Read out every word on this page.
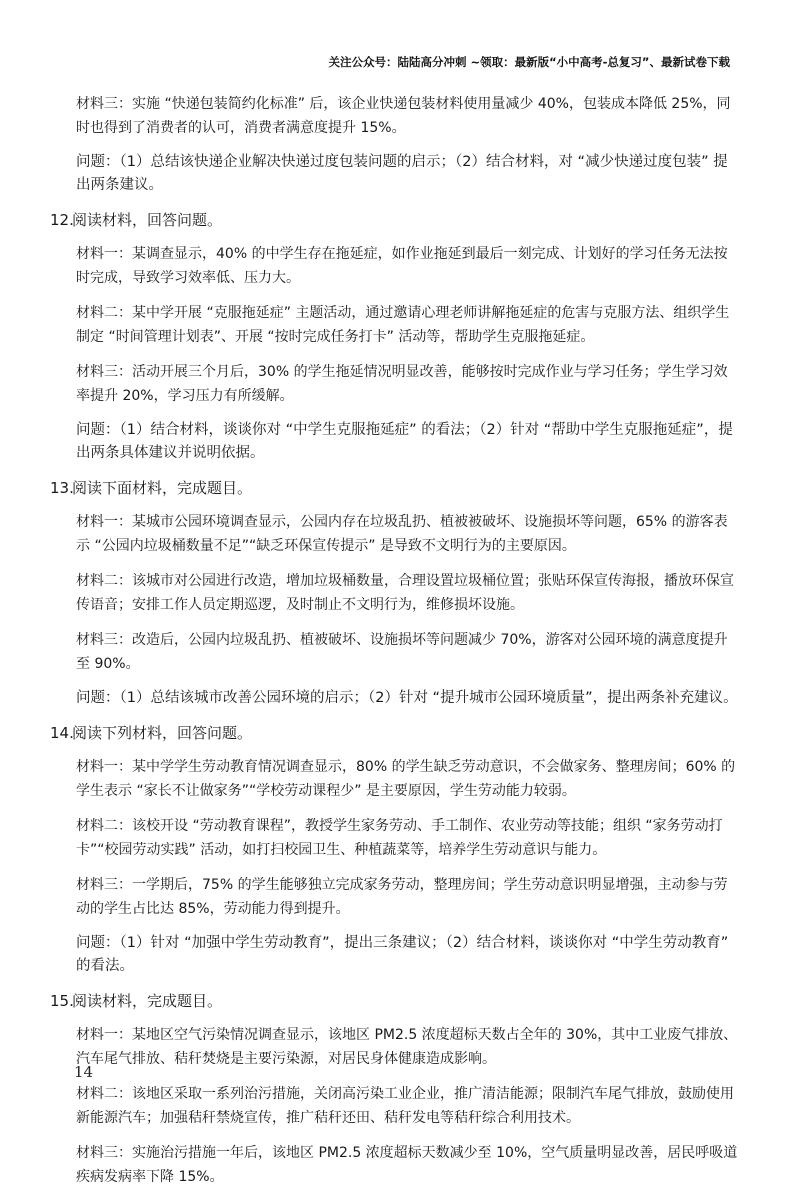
关注公众号：陆陆高分冲刺 ~领取：最新版“小中高考-总复习”、最新试卷下载

材料三：实施 “快递包装简约化标准” 后，该企业快递包装材料使用量减少 40%，包装成本降低 25%，同时也得到了消费者的认可，消费者满意度提升 15%。

问题：（1）总结该快递企业解决快递过度包装问题的启示；（2）结合材料，对 “减少快递过度包装” 提出两条建议。

12.
阅读材料，回答问题。

材料一：某调查显示，40% 的中学生存在拖延症，如作业拖延到最后一刻完成、计划好的学习任务无法按时完成，导致学习效率低、压力大。

材料二：某中学开展 “克服拖延症” 主题活动，通过邀请心理老师讲解拖延症的危害与克服方法、组织学生制定 “时间管理计划表”、开展 “按时完成任务打卡” 活动等，帮助学生克服拖延症。

材料三：活动开展三个月后，30% 的学生拖延情况明显改善，能够按时完成作业与学习任务；学生学习效率提升 20%，学习压力有所缓解。

问题：（1）结合材料，谈谈你对 “中学生克服拖延症” 的看法；（2）针对 “帮助中学生克服拖延症”，提出两条具体建议并说明依据。

13.
阅读下面材料，完成题目。

材料一：某城市公园环境调查显示，公园内存在垃圾乱扔、植被被破坏、设施损坏等问题，65% 的游客表示 “公园内垃圾桶数量不足”“缺乏环保宣传提示” 是导致不文明行为的主要原因。

材料二：该城市对公园进行改造，增加垃圾桶数量，合理设置垃圾桶位置；张贴环保宣传海报，播放环保宣传语音；安排工作人员定期巡逻，及时制止不文明行为，维修损坏设施。

材料三：改造后，公园内垃圾乱扔、植被破坏、设施损坏等问题减少 70%，游客对公园环境的满意度提升至 90%。

问题：（1）总结该城市改善公园环境的启示；（2）针对 “提升城市公园环境质量”，提出两条补充建议。

14.
阅读下列材料，回答问题。

材料一：某中学学生劳动教育情况调查显示，80% 的学生缺乏劳动意识，不会做家务、整理房间；60% 的学生表示 “家长不让做家务”“学校劳动课程少” 是主要原因，学生劳动能力较弱。

材料二：该校开设 “劳动教育课程”，教授学生家务劳动、手工制作、农业劳动等技能；组织 “家务劳动打卡”“校园劳动实践” 活动，如打扫校园卫生、种植蔬菜等，培养学生劳动意识与能力。

材料三：一学期后，75% 的学生能够独立完成家务劳动，整理房间；学生劳动意识明显增强，主动参与劳动的学生占比达 85%，劳动能力得到提升。

问题：（1）针对 “加强中学生劳动教育”，提出三条建议；（2）结合材料，谈谈你对 “中学生劳动教育” 的看法。

15.
阅读材料，完成题目。

材料一：某地区空气污染情况调查显示，该地区 PM2.5 浓度超标天数占全年的 30%，其中工业废气排放、汽车尾气排放、秸秆焚烧是主要污染源，对居民身体健康造成影响。

材料二：该地区采取一系列治污措施，关闭高污染工业企业，推广清洁能源；限制汽车尾气排放，鼓励使用新能源汽车；加强秸秆禁烧宣传，推广秸秆还田、秸秆发电等秸秆综合利用技术。

材料三：实施治污措施一年后，该地区 PM2.5 浓度超标天数减少至 10%，空气质量明显改善，居民呼吸道疾病发病率下降 15%。

14
